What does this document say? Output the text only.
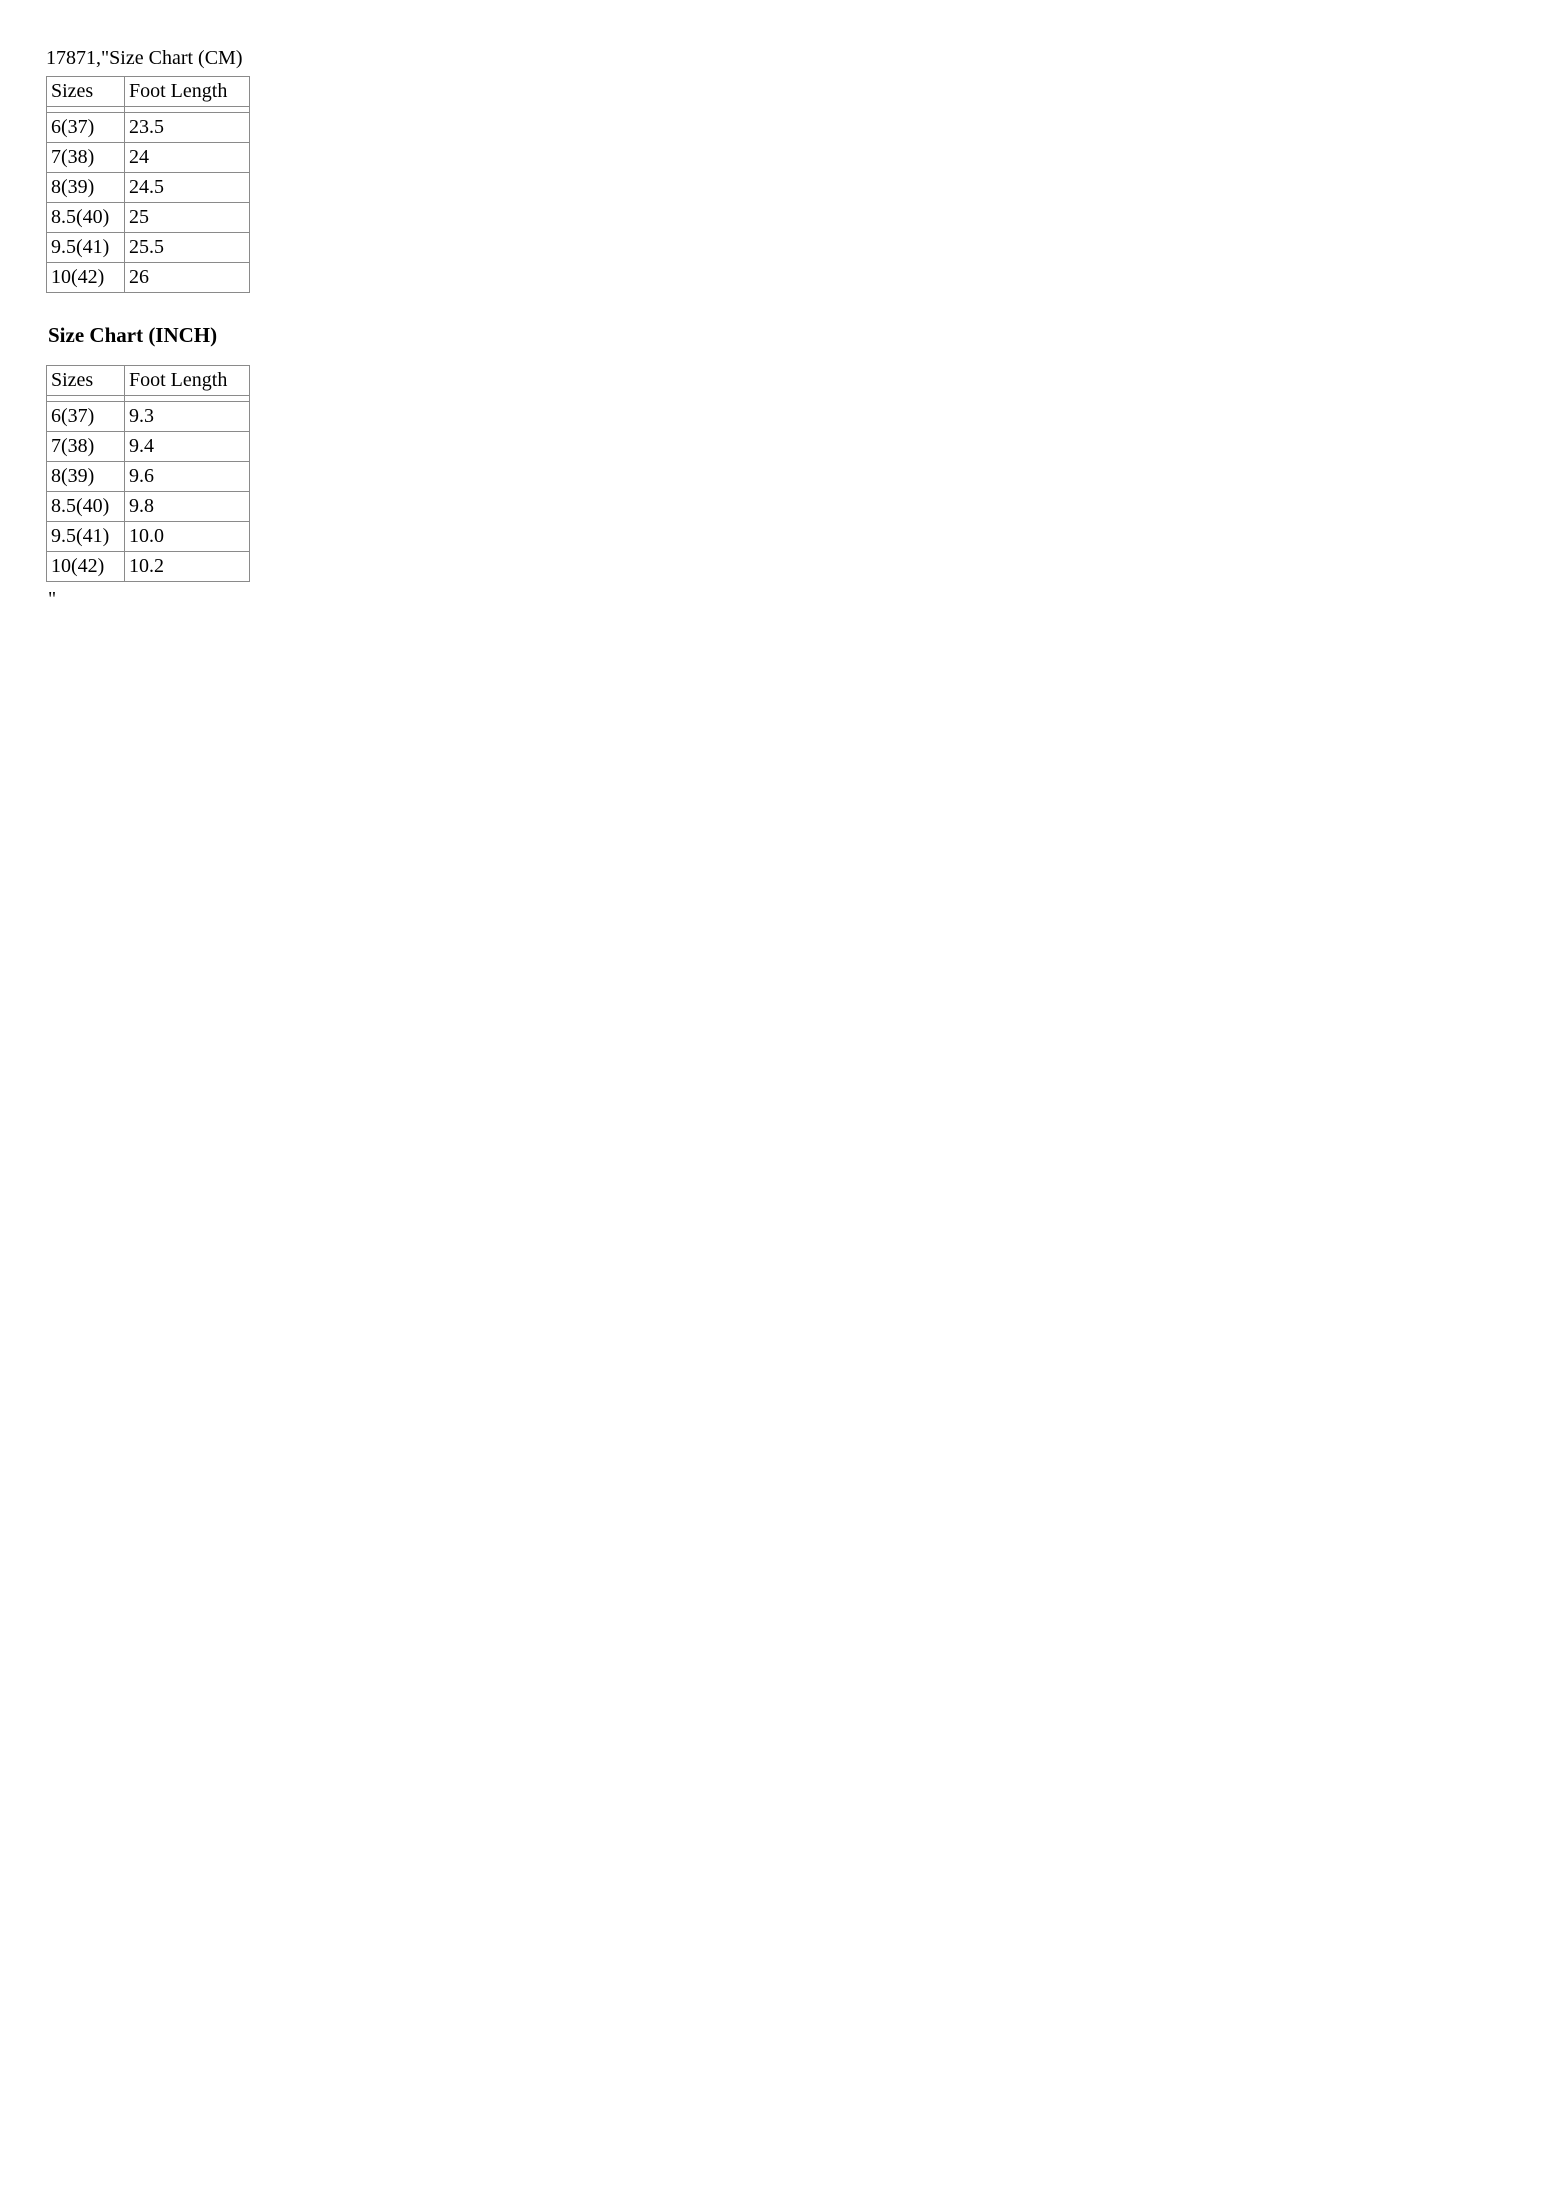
17871,"Size Chart (CM)

Sizes	Foot Length

6(37)	23.5
7(38)	24
8(39)	24.5
8.5(40)	25
9.5(41)	25.5
10(42)	26
Size Chart (INCH)
Sizes	Foot Length

6(37)	9.3
7(38)	9.4
8(39)	9.6
8.5(40)	9.8
9.5(41)	10.0
10(42)	10.2

"
